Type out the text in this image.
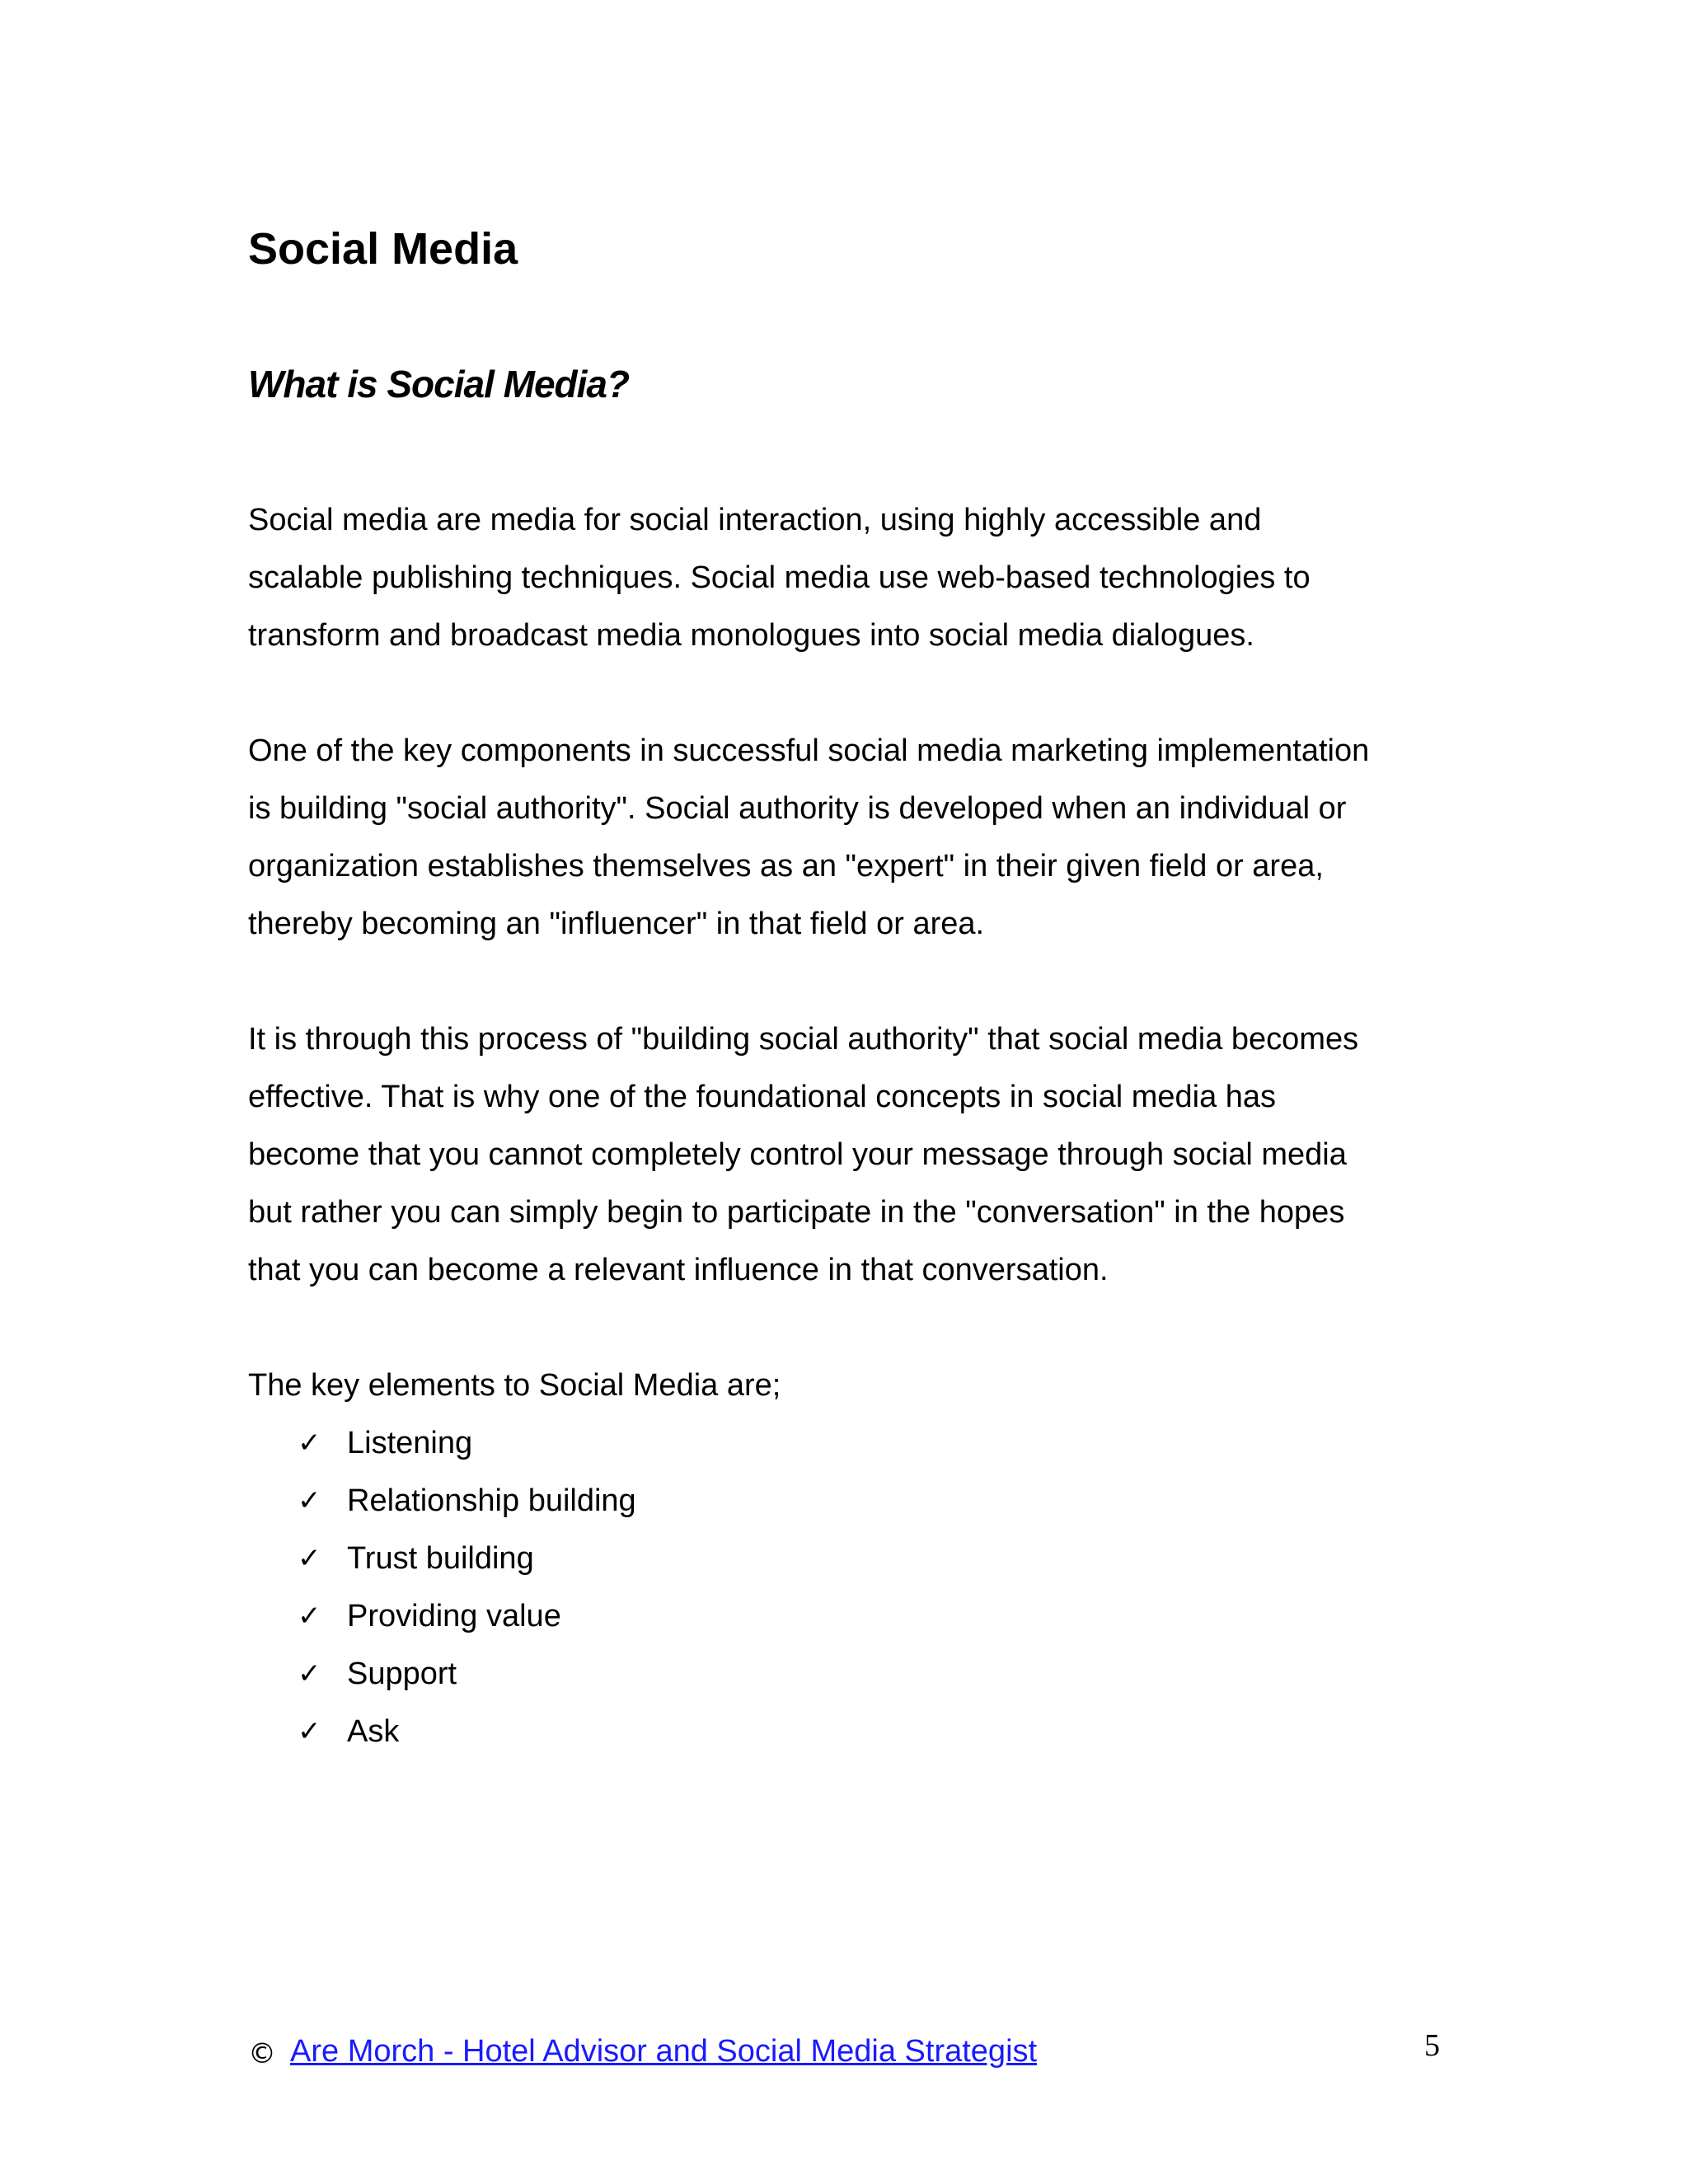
Social Media
What is Social Media?

Social media are media for social interaction, using highly accessible and
scalable publishing techniques. Social media use web-based technologies to
transform and broadcast media monologues into social media dialogues.

One of the key components in successful social media marketing implementation
is building "social authority". Social authority is developed when an individual or
organization establishes themselves as an "expert" in their given field or area,
thereby becoming an "influencer" in that field or area.

It is through this process of "building social authority" that social media becomes
effective. That is why one of the foundational concepts in social media has
become that you cannot completely control your message through social media
but rather you can simply begin to participate in the "conversation" in the hopes
that you can become a relevant influence in that conversation.

The key elements to Social Media are;

✓ Listening
✓ Relationship building
✓ Trust building
✓ Providing value
✓ Support
✓ Ask
© Are Morch - Hotel Advisor and Social Media Strategist	5
